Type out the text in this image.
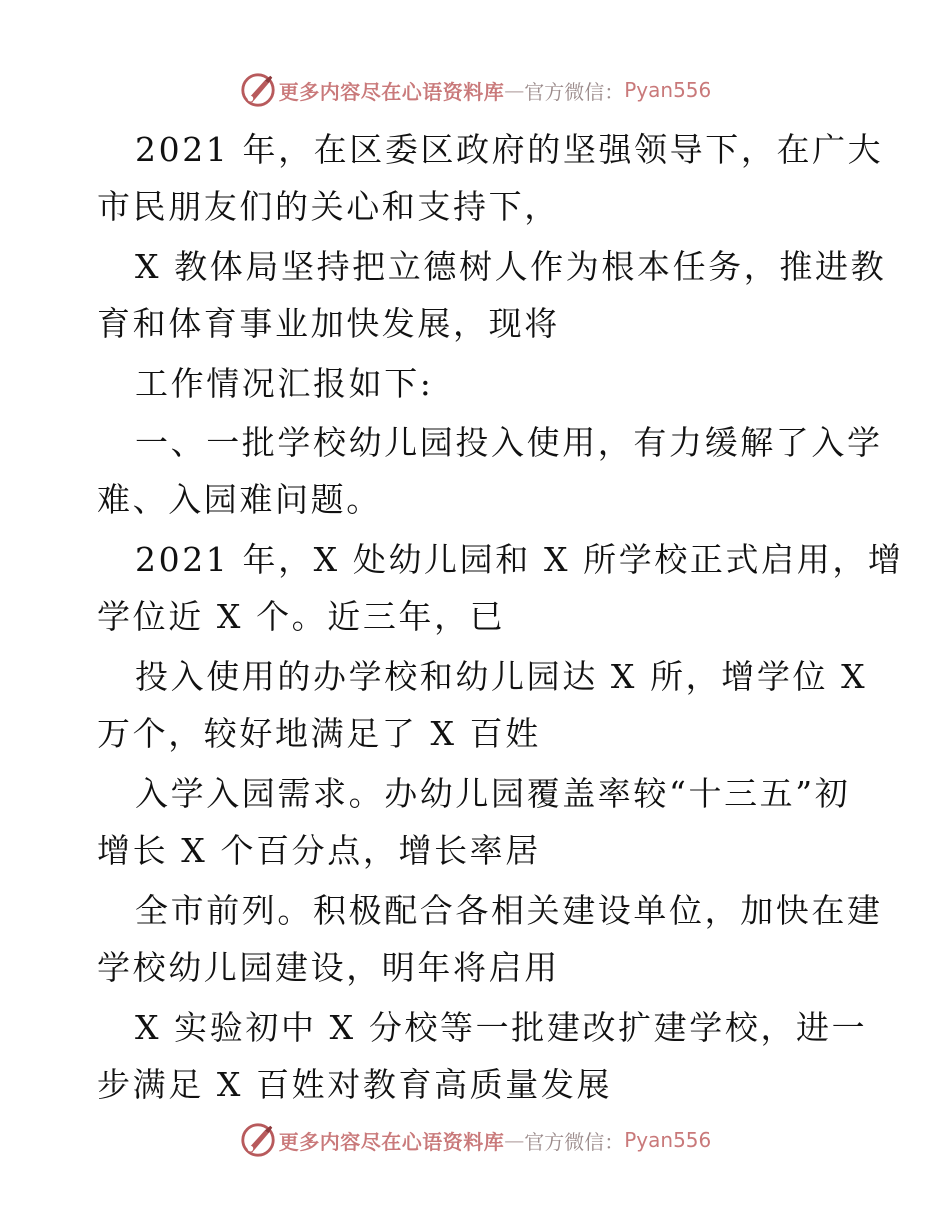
更多内容尽在心语资料库 — 官方微信： Pyan556
2021 年，在区委区政府的坚强领导下，在广大
市民朋友们的关心和支持下，
X 教体局坚持把立德树人作为根本任务，推进教
育和体育事业加快发展，现将
工作情况汇报如下:
一、一批学校幼儿园投入使用，有力缓解了入学
难、入园难问题。
2021 年，X 处幼儿园和 X 所学校正式启用，增
学位近 X 个。近三年，已
投入使用的办学校和幼儿园达 X 所，增学位 X
万个，较好地满足了 X 百姓
入学入园需求。办幼儿园覆盖率较“十三五”初
增长 X 个百分点，增长率居
全市前列。积极配合各相关建设单位，加快在建
学校幼儿园建设，明年将启用
X 实验初中 X 分校等一批建改扩建学校，进一
步满足 X 百姓对教育高质量发展
更多内容尽在心语资料库 — 官方微信： Pyan556
